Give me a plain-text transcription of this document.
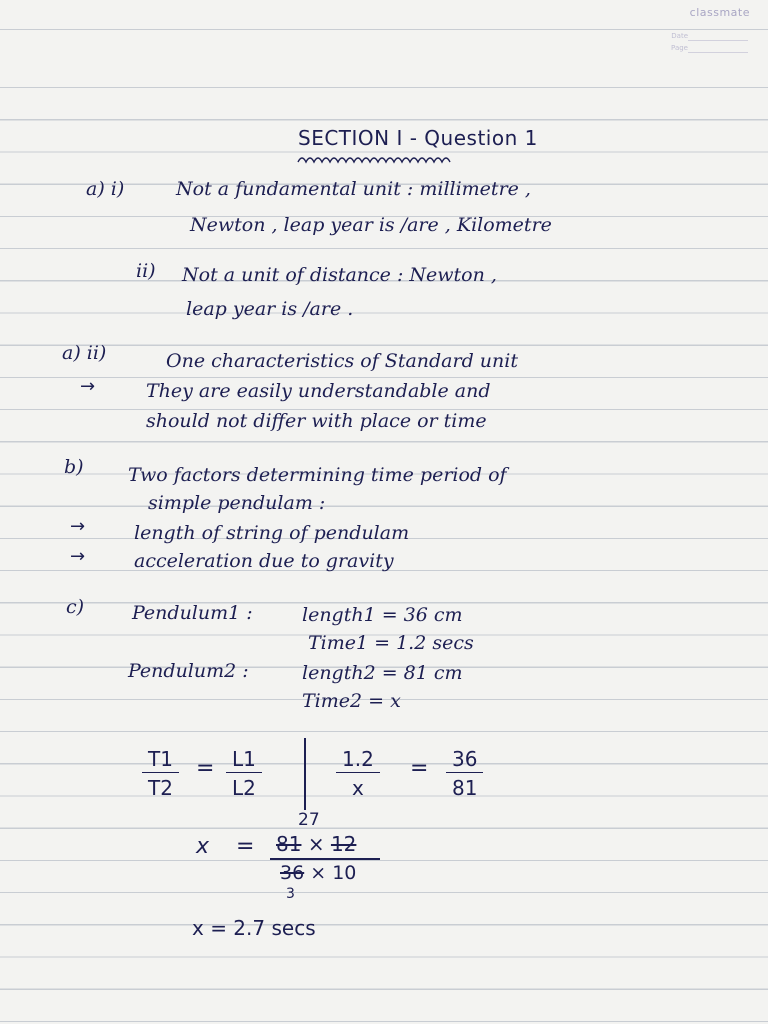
classmate
Date
Page
SECTION I - Question 1
a) i)	Not a fundamental unit : millimetre ,
Newton , leap year is /are , Kilometre
ii) Not a unit of distance : Newton ,
leap year is /are .
a) ii)	One characteristics of Standard unit
→	They are easily understandable and
should not differ with place or time
b) Two factors determining time period of
simple pendulam :
→	length of string of pendulam
→	acceleration due to gravity
c)	Pendulum1 :	length1 = 36 cm
Time1 = 1.2 secs
Pendulum2 :	length2 = 81 cm
Time2 = x
$\frac{T1}{T2} = \frac{L1}{L2}$	$\frac{1.2}{x} = \frac{36}{81}$
27
x = 81 × 12
36 × 10
3
x = 2.7 secs
